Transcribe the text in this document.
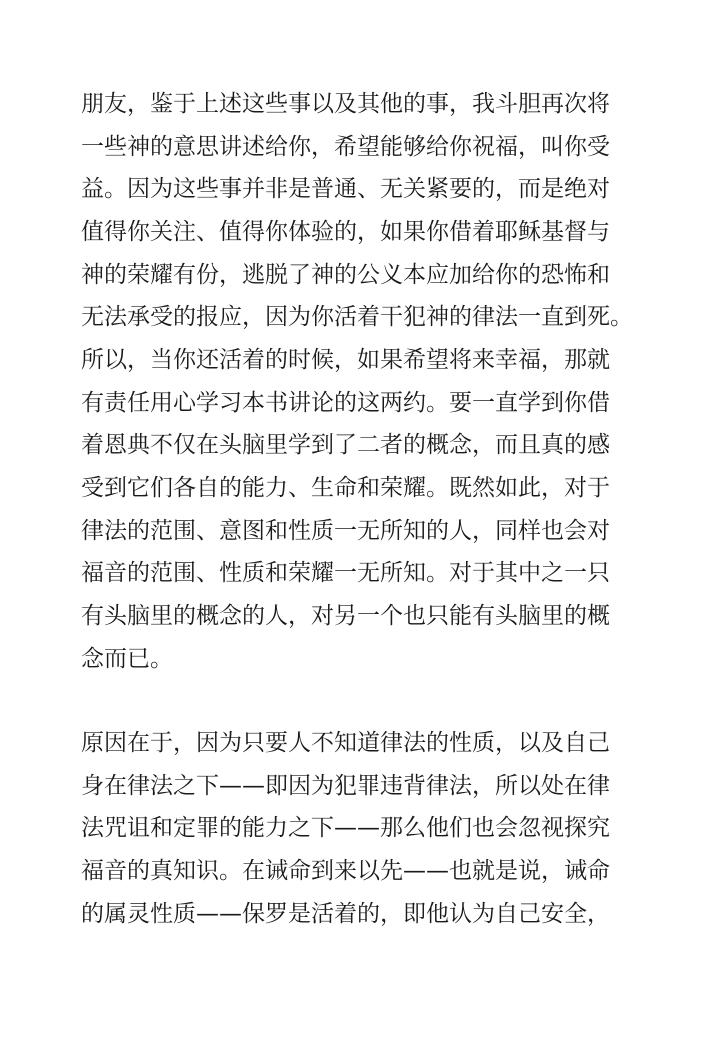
朋友，鉴于上述这些事以及其他的事，我斗胆再次将

一些神的意思讲述给你，希望能够给你祝福，叫你受

益。因为这些事并非是普通、无关紧要的，而是绝对

值得你关注、值得你体验的，如果你借着耶稣基督与

神的荣耀有份，逃脱了神的公义本应加给你的恐怖和

无法承受的报应，因为你活着干犯神的律法一直到死。

所以，当你还活着的时候，如果希望将来幸福，那就

有责任用心学习本书讲论的这两约。要一直学到你借

着恩典不仅在头脑里学到了二者的概念，而且真的感

受到它们各自的能力、生命和荣耀。既然如此，对于

律法的范围、意图和性质一无所知的人，同样也会对

福音的范围、性质和荣耀一无所知。对于其中之一只

有头脑里的概念的人，对另一个也只能有头脑里的概

念而已。

原因在于，因为只要人不知道律法的性质，以及自己

身在律法之下——即因为犯罪违背律法，所以处在律

法咒诅和定罪的能力之下——那么他们也会忽视探究

福音的真知识。在诫命到来以先——也就是说，诫命

的属灵性质——保罗是活着的，即他认为自己安全，
